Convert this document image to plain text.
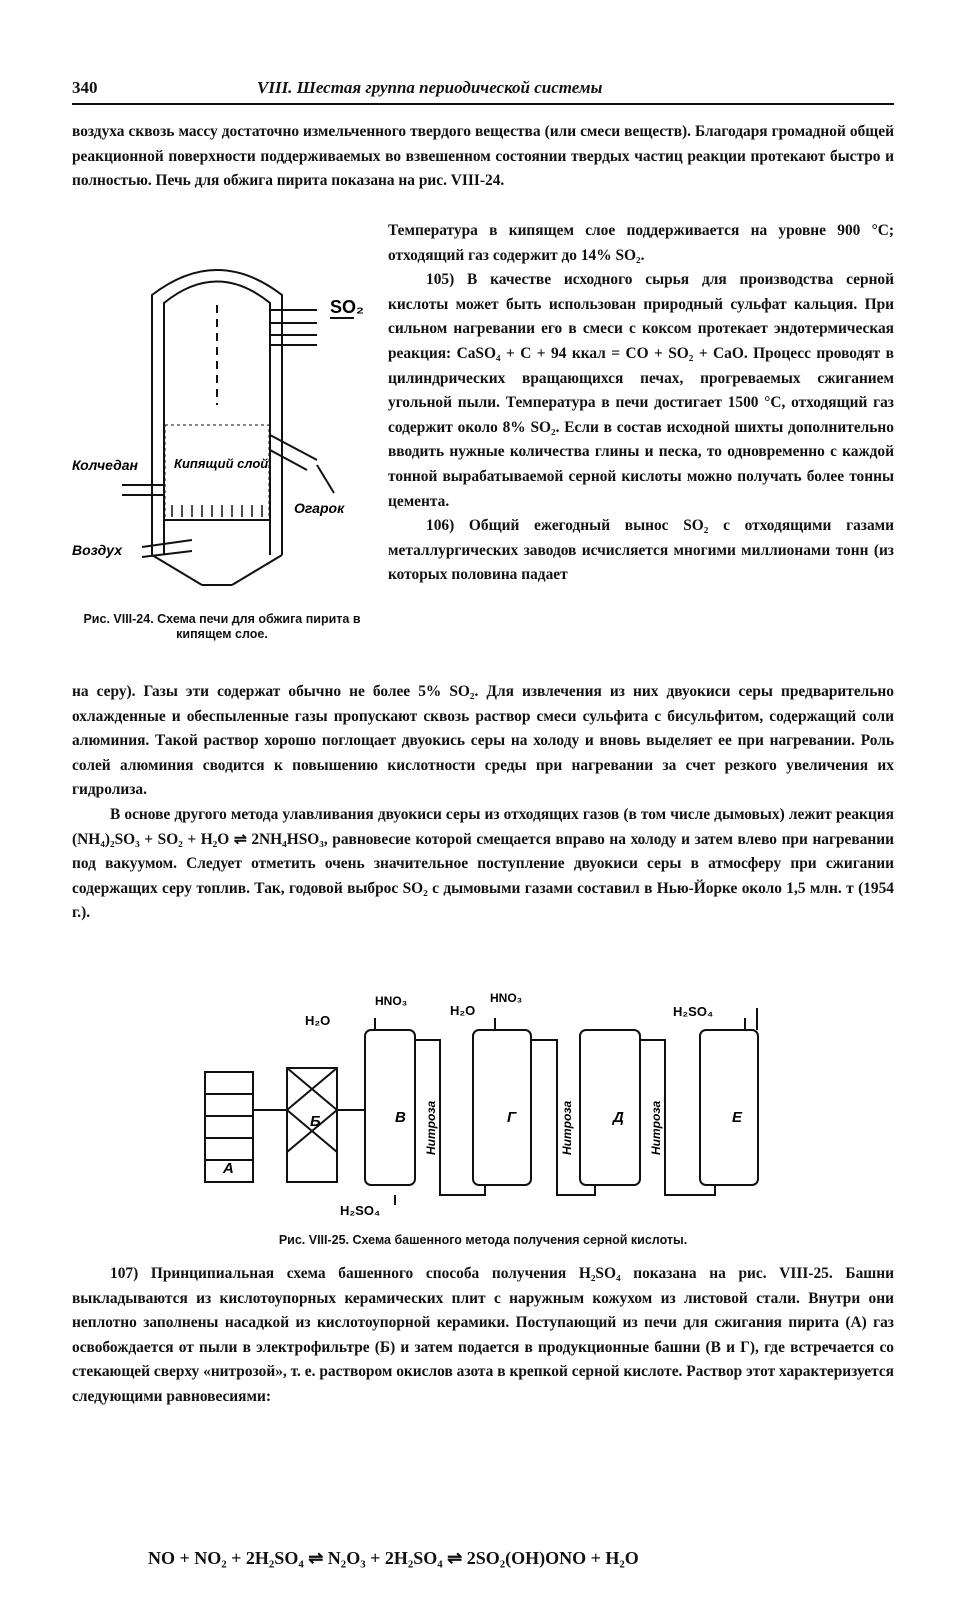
340	VIII. Шестая группа периодической системы

воздуха сквозь массу достаточно измельченного твердого вещества (или смеси веществ). Благодаря громадной общей реакционной поверхности поддерживаемых во взвешенном состоянии твердых частиц реакции протекают быстро и полностью. Печь для обжига пирита показана на рис. VIII-24.

Температура в кипящем слое поддерживается на уровне 900 °C; отходящий газ содержит до 14% SO₂.

105) В качестве исходного сырья для производства серной кислоты может быть использован природный сульфат кальция. При сильном нагревании его в смеси с коксом протекает эндотермическая реакция: CaSO₄ + C + 94 ккал = CO + SO₂ + CaO. Процесс проводят в цилиндрических вращающихся печах, прогреваемых сжиганием угольной пыли. Температура в печи достигает 1500 °C, отходящий газ содержит около 8% SO₂. Если в состав исходной шихты дополнительно вводить нужные количества глины и песка, то одновременно с каждой тонной вырабатываемой серной кислоты можно получать более тонны цемента.

106) Общий ежегодный вынос SO₂ с отходящими газами металлургических заводов исчисляется многими миллионами тонн (из которых половина падает

SO₂
Колчедан	Кипящий слой
Огарок
Воздух
Рис. VIII-24. Схема печи для обжига пирита в кипящем слое.

на серу). Газы эти содержат обычно не более 5% SO₂. Для извлечения из них двуокиси серы предварительно охлажденные и обеспыленные газы пропускают сквозь раствор смеси сульфита с бисульфитом, содержащий соли алюминия. Такой раствор хорошо поглощает двуокись серы на холоду и вновь выделяет ее при нагревании. Роль солей алюминия сводится к повышению кислотности среды при нагревании за счет резкого увеличения их гидролиза.

В основе другого метода улавливания двуокиси серы из отходящих газов (в том числе дымовых) лежит реакция (NH₄)₂SO₃ + SO₂ + H₂O ⇌ 2NH₄HSO₃, равновесие которой смещается вправо на холоду и затем влево при нагревании под вакуумом. Следует отметить очень значительное поступление двуокиси серы в атмосферу при сжигании содержащих серу топлив. Так, годовой выброс SO₂ с дымовыми газами составил в Нью-Йорке около 1,5 млн. т (1954 г.).

H₂O
HNO₃
H₂O
HNO₃
H₂SO₄
H₂SO₄
А
Б	В	Г	Д	Е
Нитроза	Нитроза	Нитроза
Рис. VIII-25. Схема башенного метода получения серной кислоты.

107) Принципиальная схема башенного способа получения H₂SO₄ показана на рис. VIII-25. Башни выкладываются из кислотоупорных керамических плит с наружным кожухом из листовой стали. Внутри они неплотно заполнены насадкой из кислотоупорной керамики. Поступающий из печи для сжигания пирита (A) газ освобождается от пыли в электрофильтре (Б) и затем подается в продукционные башни (В и Г), где встречается со стекающей сверху «нитрозой», т. е. раствором окислов азота в крепкой серной кислоте. Раствор этот характеризуется следующими равновесиями:

NO + NO₂ + 2H₂SO₄ ⇌ N₂O₃ + 2H₂SO₄ ⇌ 2SO₂(OH)ONO + H₂O
